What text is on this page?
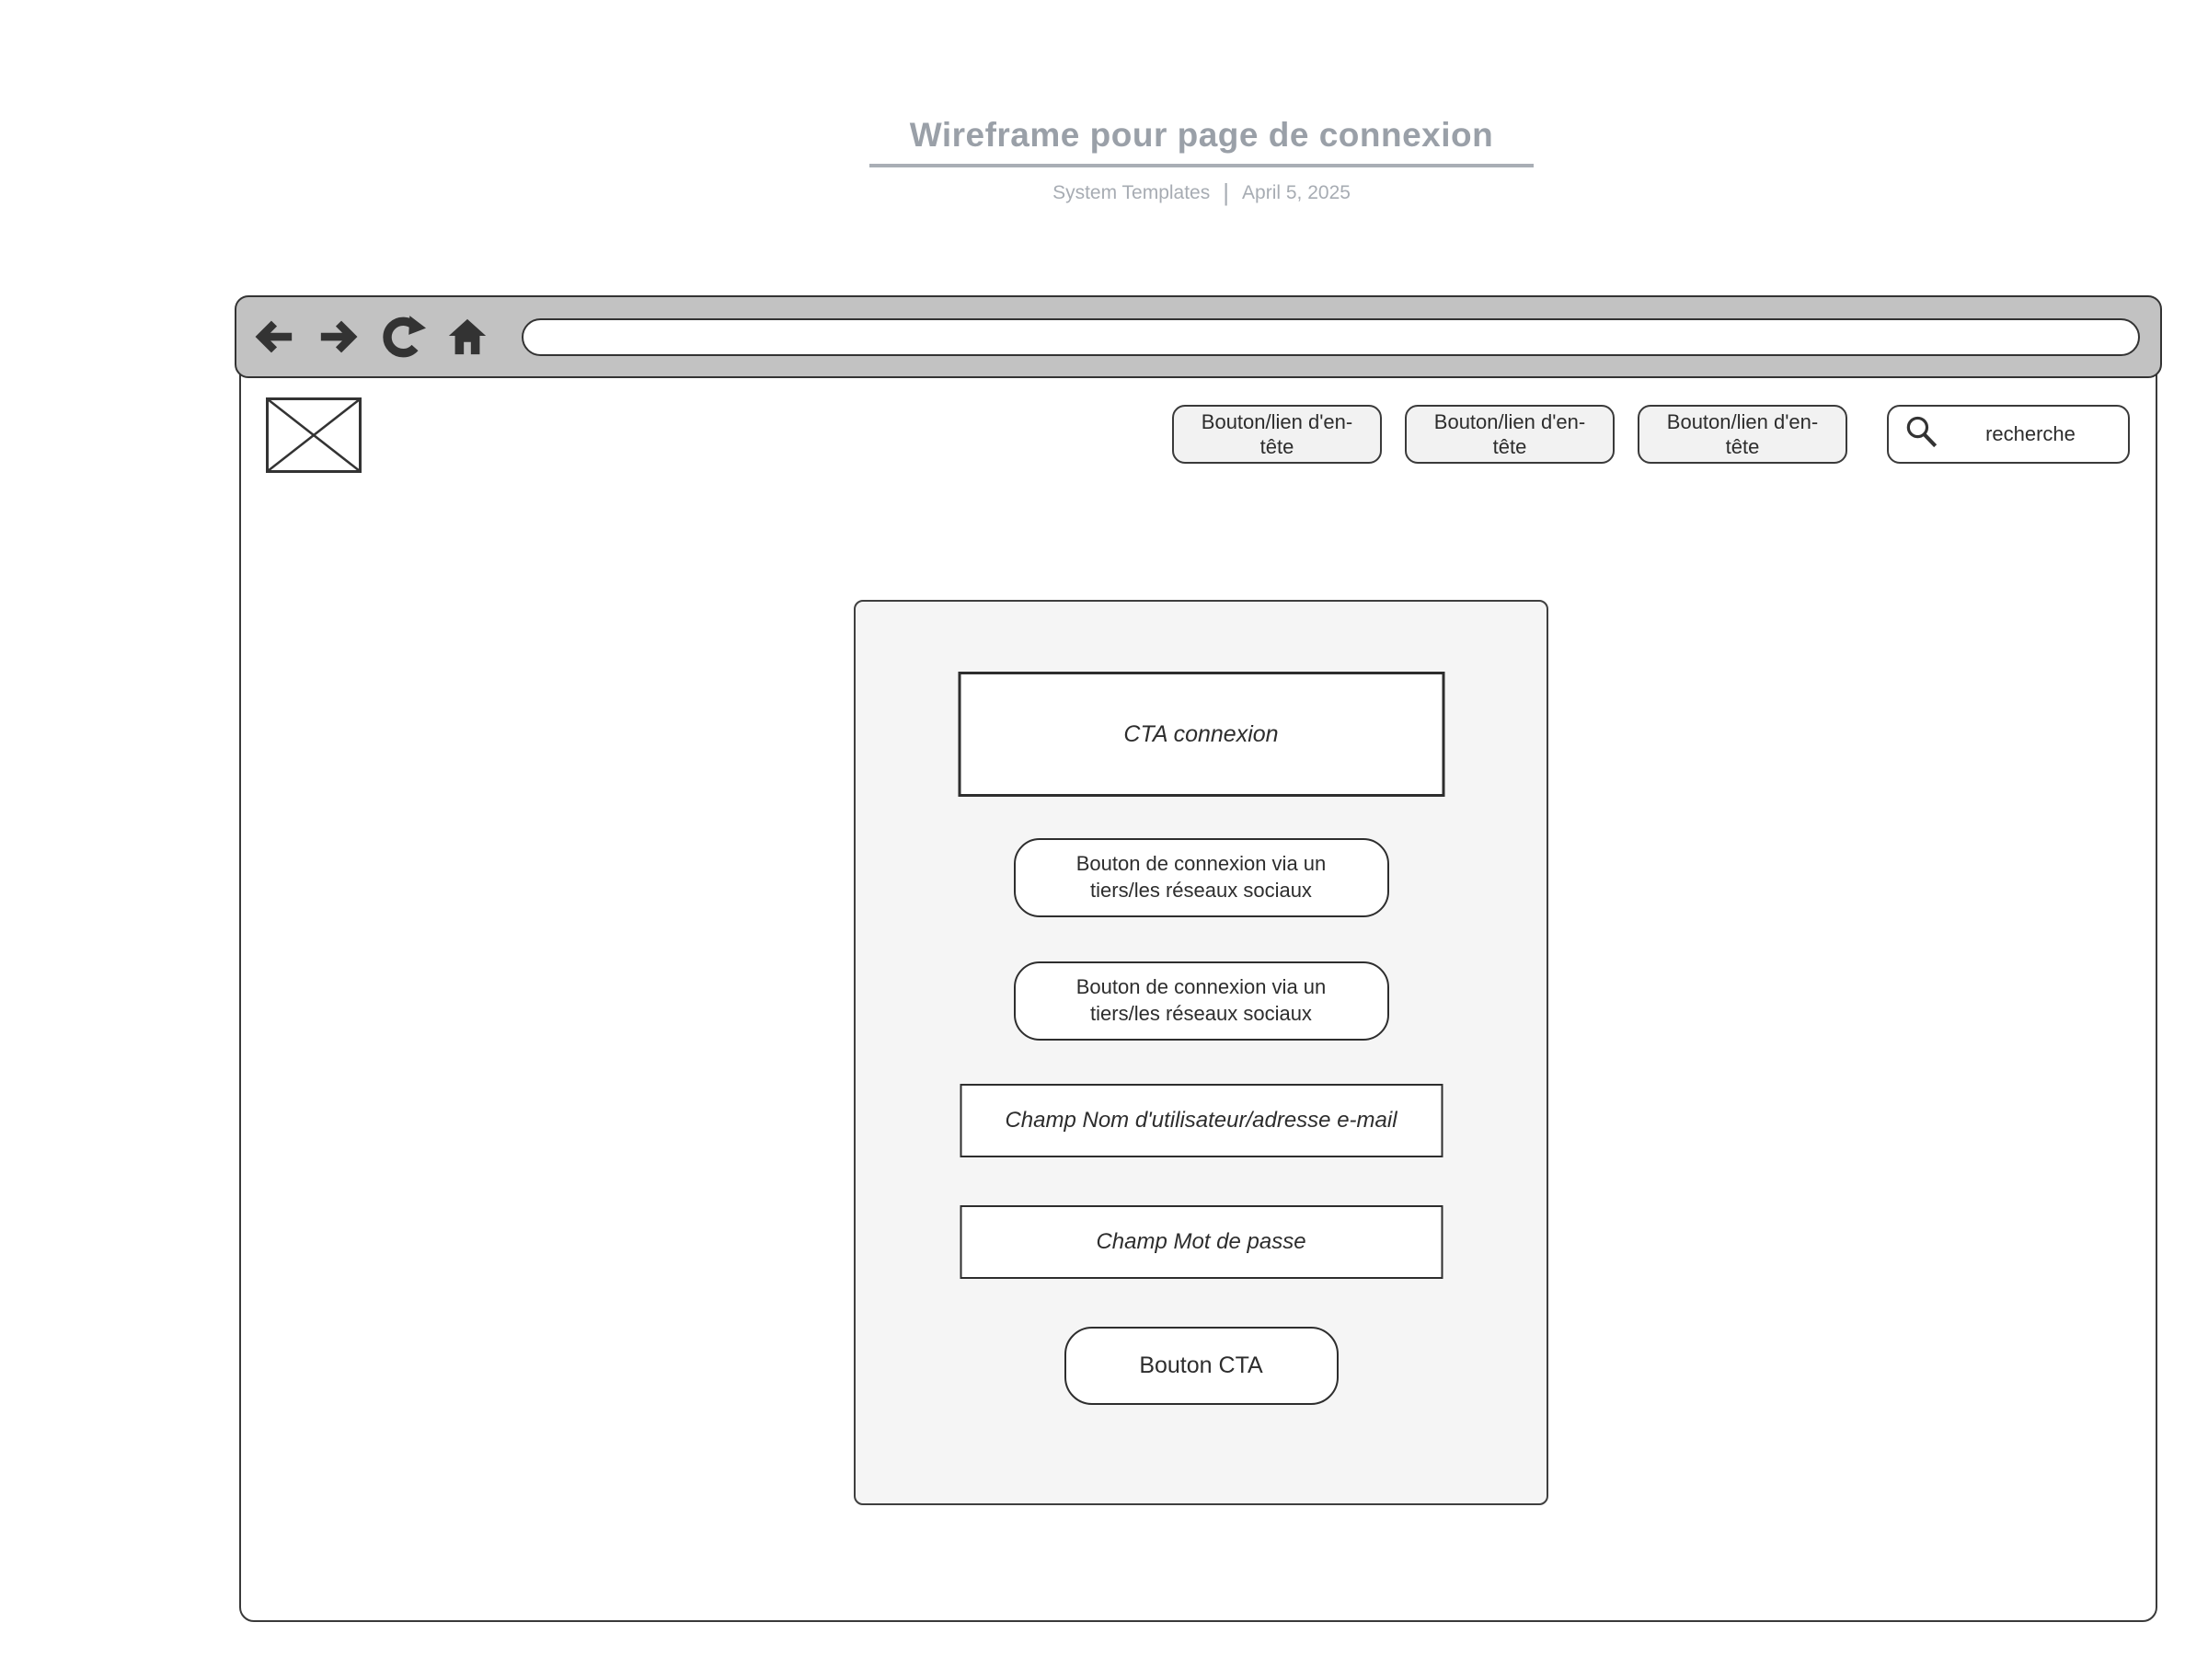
Wireframe pour page de connexion
System Templates | April 5, 2025
Bouton/lien d'en-tête
Bouton/lien d'en-tête
Bouton/lien d'en-tête
recherche
CTA connexion
Bouton de connexion via un tiers/les réseaux sociaux
Bouton de connexion via un tiers/les réseaux sociaux
Champ Nom d'utilisateur/adresse e-mail
Champ Mot de passe
Bouton CTA
